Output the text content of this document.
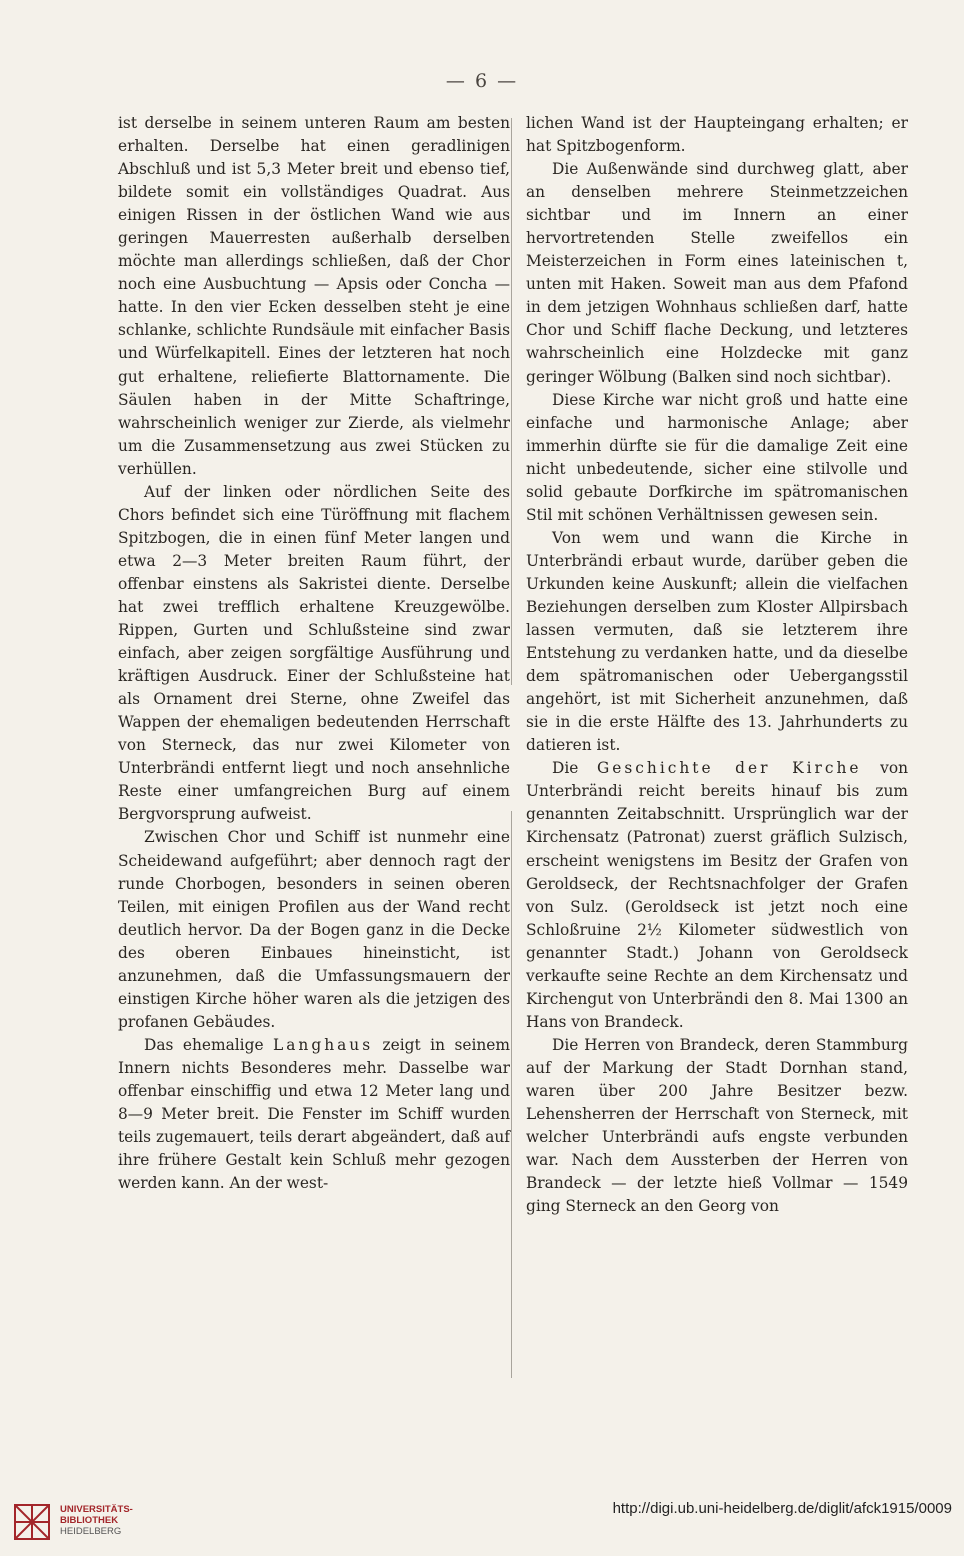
— 6 —

ist derselbe in seinem unteren Raum am besten erhalten. Derselbe hat einen geradlinigen Abschluß und ist 5,3 Meter breit und ebenso tief, bildete somit ein vollständiges Quadrat. Aus einigen Rissen in der östlichen Wand wie aus geringen Mauerresten außerhalb derselben möchte man allerdings schließen, daß der Chor noch eine Ausbuchtung — Apsis oder Concha — hatte. In den vier Ecken desselben steht je eine schlanke, schlichte Rundsäule mit einfacher Basis und Würfelkapitell. Eines der letzteren hat noch gut erhaltene, reliefierte Blattornamente. Die Säulen haben in der Mitte Schaftringe, wahrscheinlich weniger zur Zierde, als vielmehr um die Zusammensetzung aus zwei Stücken zu verhüllen.

Auf der linken oder nördlichen Seite des Chors befindet sich eine Türöffnung mit flachem Spitzbogen, die in einen fünf Meter langen und etwa 2—3 Meter breiten Raum führt, der offenbar einstens als Sakristei diente. Derselbe hat zwei trefflich erhaltene Kreuzgewölbe. Rippen, Gurten und Schlußsteine sind zwar einfach, aber zeigen sorgfältige Ausführung und kräftigen Ausdruck. Einer der Schlußsteine hat als Ornament drei Sterne, ohne Zweifel das Wappen der ehemaligen bedeutenden Herrschaft von Sterneck, das nur zwei Kilometer von Unterbrändi entfernt liegt und noch ansehnliche Reste einer umfangreichen Burg auf einem Bergvorsprung aufweist.

Zwischen Chor und Schiff ist nunmehr eine Scheidewand aufgeführt; aber dennoch ragt der runde Chorbogen, besonders in seinen oberen Teilen, mit einigen Profilen aus der Wand recht deutlich hervor. Da der Bogen ganz in die Decke des oberen Einbaues hineinsticht, ist anzunehmen, daß die Umfassungsmauern der einstigen Kirche höher waren als die jetzigen des profanen Gebäudes.

Das ehemalige Langhaus zeigt in seinem Innern nichts Besonderes mehr. Dasselbe war offenbar einschiffig und etwa 12 Meter lang und 8—9 Meter breit. Die Fenster im Schiff wurden teils zugemauert, teils derart abgeändert, daß auf ihre frühere Gestalt kein Schluß mehr gezogen werden kann. An der west-

lichen Wand ist der Haupteingang erhalten; er hat Spitzbogenform.

Die Außenwände sind durchweg glatt, aber an denselben mehrere Steinmetzzeichen sichtbar und im Innern an einer hervortretenden Stelle zweifellos ein Meisterzeichen in Form eines lateinischen t, unten mit Haken. Soweit man aus dem Pfafond in dem jetzigen Wohnhaus schließen darf, hatte Chor und Schiff flache Deckung, und letzteres wahrscheinlich eine Holzdecke mit ganz geringer Wölbung (Balken sind noch sichtbar).

Diese Kirche war nicht groß und hatte eine einfache und harmonische Anlage; aber immerhin dürfte sie für die damalige Zeit eine nicht unbedeutende, sicher eine stilvolle und solid gebaute Dorfkirche im spätromanischen Stil mit schönen Verhältnissen gewesen sein.

Von wem und wann die Kirche in Unterbrändi erbaut wurde, darüber geben die Urkunden keine Auskunft; allein die vielfachen Beziehungen derselben zum Kloster Allpirsbach lassen vermuten, daß sie letzterem ihre Entstehung zu verdanken hatte, und da dieselbe dem spätromanischen oder Uebergangsstil angehört, ist mit Sicherheit anzunehmen, daß sie in die erste Hälfte des 13. Jahrhunderts zu datieren ist.

Die Geschichte der Kirche von Unterbrändi reicht bereits hinauf bis zum genannten Zeitabschnitt. Ursprünglich war der Kirchensatz (Patronat) zuerst gräflich Sulzisch, erscheint wenigstens im Besitz der Grafen von Geroldseck, der Rechtsnachfolger der Grafen von Sulz. (Geroldseck ist jetzt noch eine Schloßruine 2½ Kilometer südwestlich von genannter Stadt.) Johann von Geroldseck verkaufte seine Rechte an dem Kirchensatz und Kirchengut von Unterbrändi den 8. Mai 1300 an Hans von Brandeck.

Die Herren von Brandeck, deren Stammburg auf der Markung der Stadt Dornhan stand, waren über 200 Jahre Besitzer bezw. Lehensherren der Herrschaft von Sterneck, mit welcher Unterbrändi aufs engste verbunden war. Nach dem Aussterben der Herren von Brandeck — der letzte hieß Vollmar — 1549 ging Sterneck an den Georg von

UNIVERSITÄTS-
BIBLIOTHEK
HEIDELBERG
http://digi.ub.uni-heidelberg.de/diglit/afck1915/0009
